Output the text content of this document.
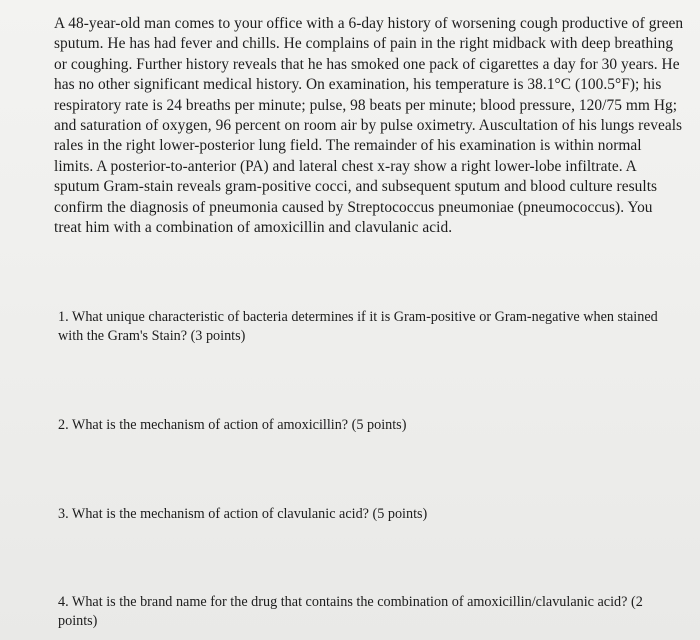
A 48-year-old man comes to your office with a 6-day history of worsening cough productive of green sputum. He has had fever and chills. He complains of pain in the right midback with deep breathing or coughing. Further history reveals that he has smoked one pack of cigarettes a day for 30 years. He has no other significant medical history. On examination, his temperature is 38.1°C (100.5°F); his respiratory rate is 24 breaths per minute; pulse, 98 beats per minute; blood pressure, 120/75 mm Hg; and saturation of oxygen, 96 percent on room air by pulse oximetry. Auscultation of his lungs reveals rales in the right lower-posterior lung field. The remainder of his examination is within normal limits. A posterior-to-anterior (PA) and lateral chest x-ray show a right lower-lobe infiltrate. A sputum Gram-stain reveals gram-positive cocci, and subsequent sputum and blood culture results confirm the diagnosis of pneumonia caused by Streptococcus pneumoniae (pneumococcus). You treat him with a combination of amoxicillin and clavulanic acid.

1. What unique characteristic of bacteria determines if it is Gram-positive or Gram-negative when stained with the Gram's Stain? (3 points)

2. What is the mechanism of action of amoxicillin? (5 points)

3. What is the mechanism of action of clavulanic acid? (5 points)

4. What is the brand name for the drug that contains the combination of amoxicillin/clavulanic acid? (2 points)
